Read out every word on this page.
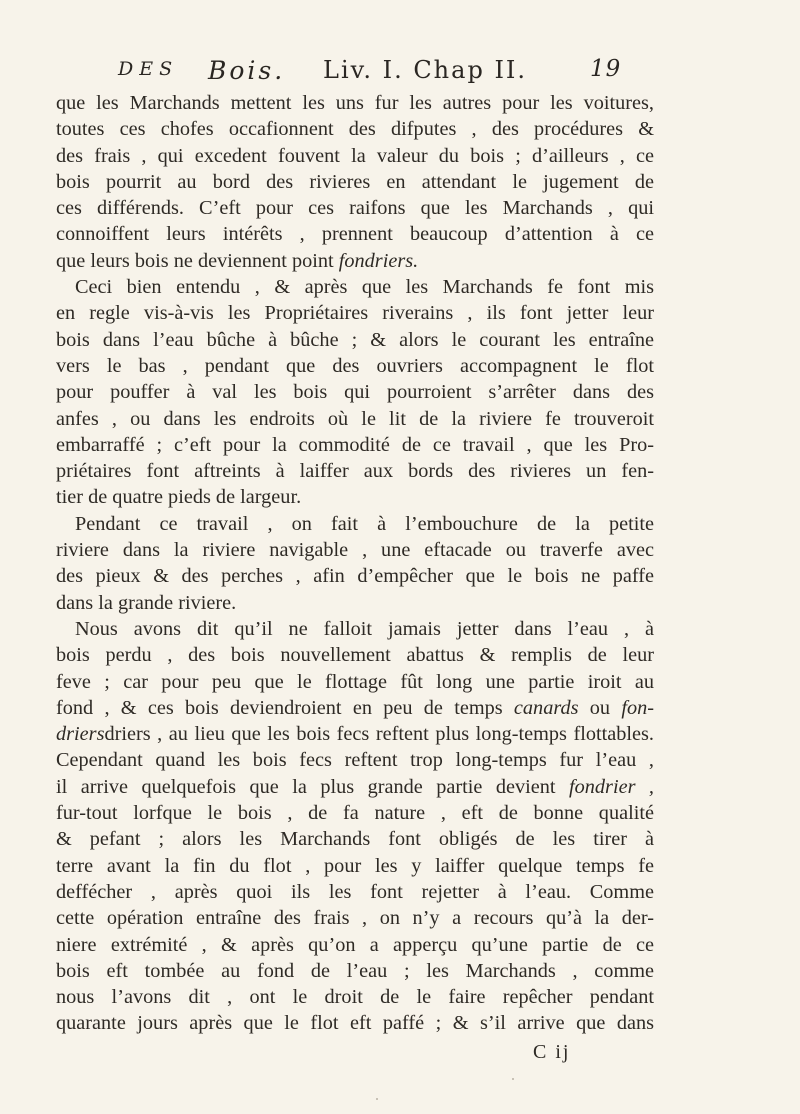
DES Bois. Liv. I. Chap II.	19
que les Marchands mettent les uns fur les autres pour les voitures,
toutes ces chofes occafionnent des difputes , des procédures &
des frais , qui excedent fouvent la valeur du bois ; d’ailleurs , ce
bois pourrit au bord des rivieres en attendant le jugement de
ces différends. C’eft pour ces raifons que les Marchands , qui
connoiffent leurs intérêts , prennent beaucoup d’attention à ce
que leurs bois ne deviennent point fondriers.
Ceci bien entendu , & après que les Marchands fe font mis
en regle vis-à-vis les Propriétaires riverains , ils font jetter leur
bois dans l’eau bûche à bûche ; & alors le courant les entraîne
vers le bas , pendant que des ouvriers accompagnent le flot
pour pouffer à val les bois qui pourroient s’arrêter dans des
anfes , ou dans les endroits où le lit de la riviere fe trouveroit
embarraffé ; c’eft pour la commodité de ce travail , que les Pro-
priétaires font aftreints à laiffer aux bords des rivieres un fen-
tier de quatre pieds de largeur.
Pendant ce travail , on fait à l’embouchure de la petite
riviere dans la riviere navigable , une eftacade ou traverfe avec
des pieux & des perches , afin d’empêcher que le bois ne paffe
dans la grande riviere.
Nous avons dit qu’il ne falloit jamais jetter dans l’eau , à
bois perdu , des bois nouvellement abattus & remplis de leur
feve ; car pour peu que le flottage fût long une partie iroit au
fond , & ces bois deviendroient en peu de temps canards ou fon-
driersdriers , au lieu que les bois fecs reftent plus long-temps flottables.
Cependant quand les bois fecs reftent trop long-temps fur l’eau ,
il arrive quelquefois que la plus grande partie devient fondrier ,
fur-tout lorfque le bois , de fa nature , eft de bonne qualité
& pefant ; alors les Marchands font obligés de les tirer à
terre avant la fin du flot , pour les y laiffer quelque temps fe
deffécher , après quoi ils les font rejetter à l’eau. Comme
cette opération entraîne des frais , on n’y a recours qu’à la der-
niere extrémité , & après qu’on a apperçu qu’une partie de ce
bois eft tombée au fond de l’eau ; les Marchands , comme
nous l’avons dit , ont le droit de le faire repêcher pendant
quarante jours après que le flot eft paffé ; & s’il arrive que dans
C ij
